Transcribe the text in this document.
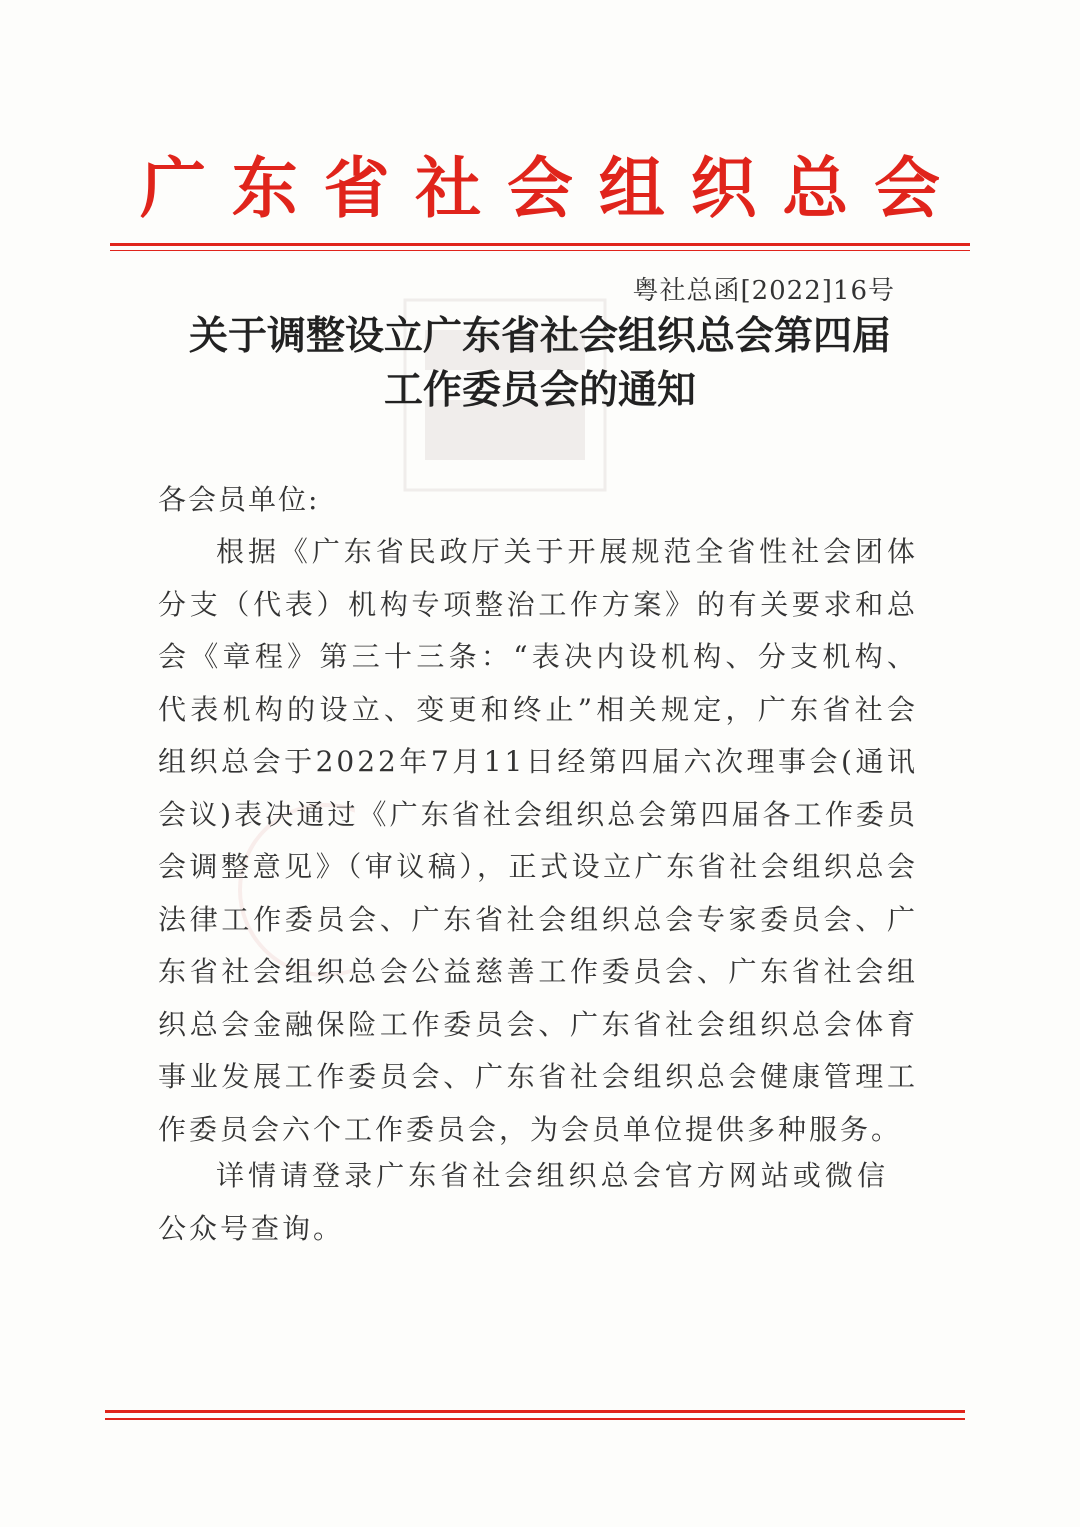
广 东 省 社 会 组 织 总 会
粤社总函[2022]16号
关于调整设立广东省社会组织总会第四届
工作委员会的通知
各会员单位:

根据《广东省民政厅关于开展规范全省性社会团体分支（代表）机构专项整治工作方案》的有关要求和总会《章程》第三十三条：“表决内设机构、分支机构、代表机构的设立、变更和终止”相关规定，广东省社会组织总会于2022年7月11日经第四届六次理事会(通讯会议)表决通过《广东省社会组织总会第四届各工作委员会调整意见》（审议稿），正式设立广东省社会组织总会法律工作委员会、广东省社会组织总会专家委员会、广东省社会组织总会公益慈善工作委员会、广东省社会组织总会金融保险工作委员会、广东省社会组织总会体育事业发展工作委员会、广东省社会组织总会健康管理工作委员会六个工作委员会，为会员单位提供多种服务。

详情请登录广东省社会组织总会官方网站或微信公众号查询。
